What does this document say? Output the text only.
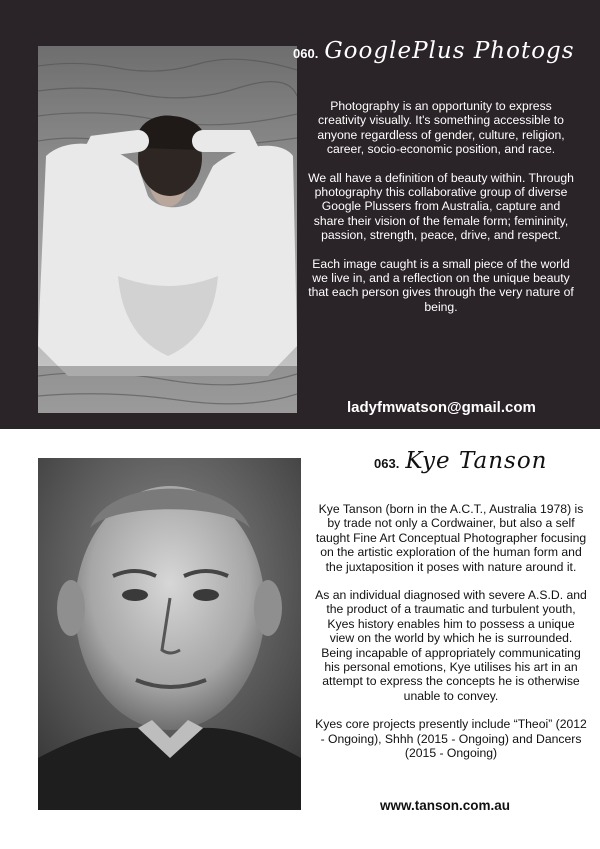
060. GooglePlus Photogs

Photography is an opportunity to express creativity visually. It's something accessible to anyone regardless of gender, culture, religion, career, socio-economic position, and race.

We all have a definition of beauty within. Through photography this collaborative group of diverse Google Plussers from Australia, capture and share their vision of the female form; femininity, passion, strength, peace, drive, and respect.

Each image caught is a small piece of the world we live in, and a reflection on the unique beauty that each person gives through the very nature of being.

ladyfmwatson@gmail.com
063. Kye Tanson

Kye Tanson (born in the A.C.T., Australia 1978) is by trade not only a Cordwainer, but also a self taught Fine Art Conceptual Photographer focusing on the artistic exploration of the human form and the juxtaposition it poses with nature around it.

As an individual diagnosed with severe A.S.D. and the product of a traumatic and turbulent youth, Kyes history enables him to possess a unique view on the world by which he is surrounded. Being incapable of appropriately communicating his personal emotions, Kye utilises his art in an attempt to express the concepts he is otherwise unable to convey.

Kyes core projects presently include “Theoi” (2012 - Ongoing), Shhh (2015 - Ongoing) and Dancers (2015 - Ongoing)

www.tanson.com.au
